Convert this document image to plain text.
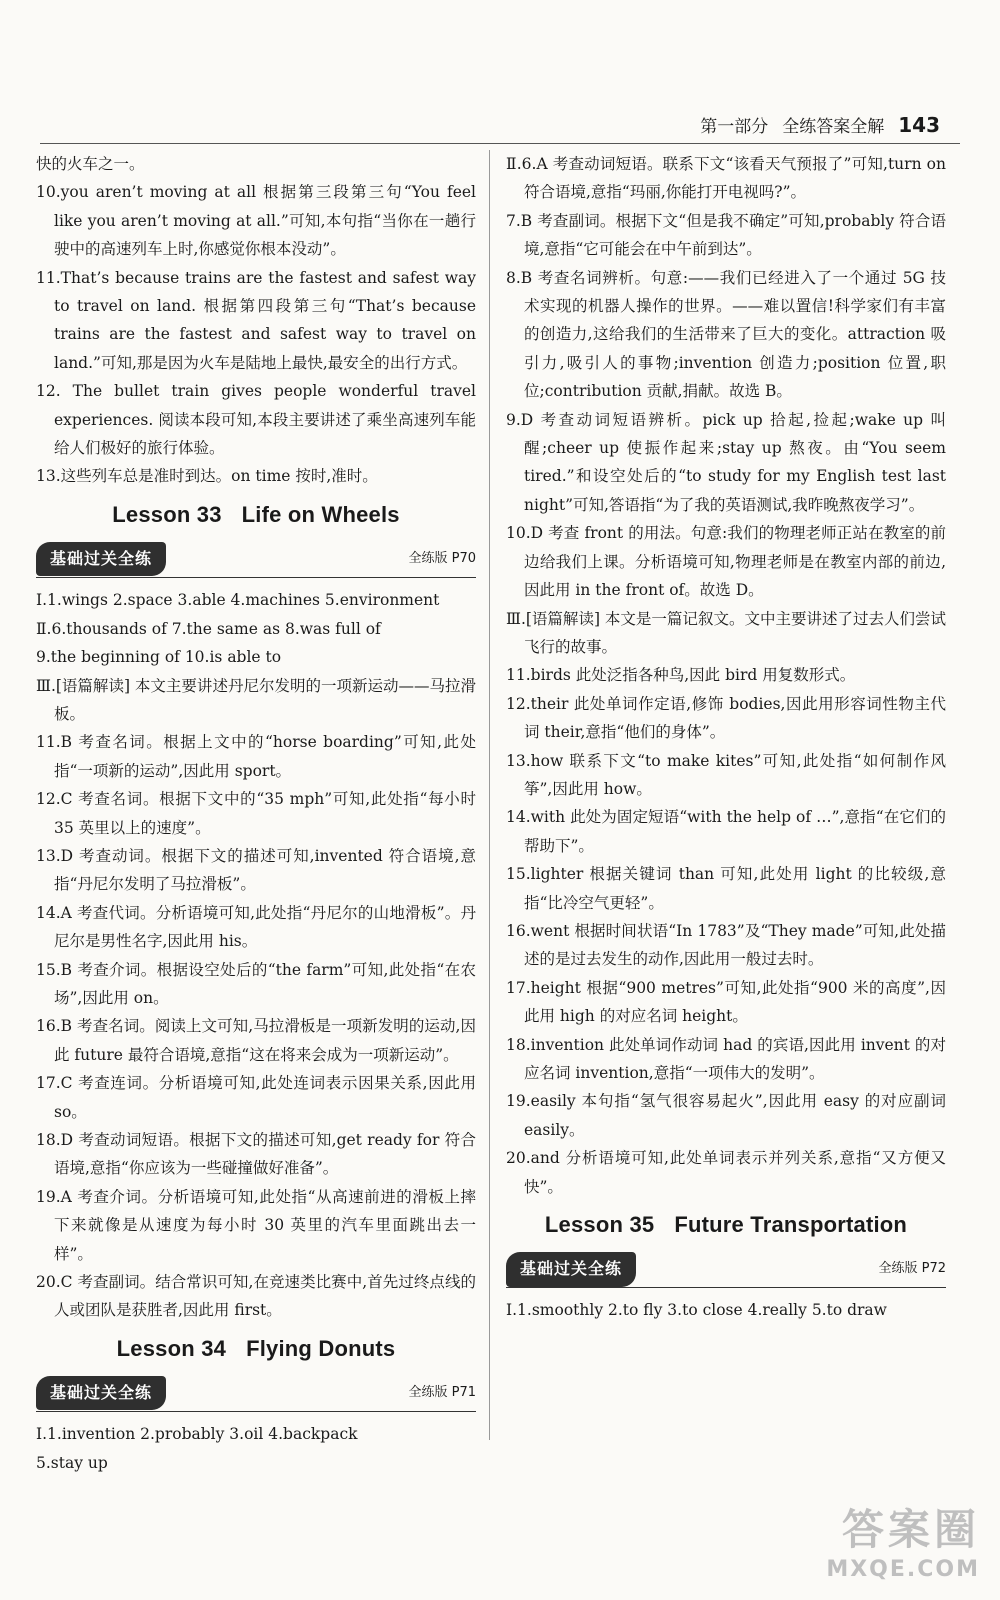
第一部分 全练答案全解 143

快的火车之一。

10.you aren’t moving at all 根据第三段第三句“You feel like you aren’t moving at all.”可知,本句指“当你在一趟行驶中的高速列车上时,你感觉你根本没动”。

11.That’s because trains are the fastest and safest way to travel on land. 根据第四段第三句“That’s because trains are the fastest and safest way to travel on land.”可知,那是因为火车是陆地上最快,最安全的出行方式。

12. The bullet train gives people wonderful travel experiences. 阅读本段可知,本段主要讲述了乘坐高速列车能给人们极好的旅行体验。

13.这些列车总是准时到达。on time 按时,准时。

Lesson 33 Life on Wheels
基础过关全练	全练版 P70

Ⅰ.1.wings 2.space 3.able 4.machines 5.environment

Ⅱ.6.thousands of 7.the same as 8.was full of

9.the beginning of 10.is able to

Ⅲ.[语篇解读] 本文主要讲述丹尼尔发明的一项新运动——马拉滑板。

11.B 考查名词。根据上文中的“horse boarding”可知,此处指“一项新的运动”,因此用 sport。

12.C 考查名词。根据下文中的“35 mph”可知,此处指“每小时 35 英里以上的速度”。

13.D 考查动词。根据下文的描述可知,invented 符合语境,意指“丹尼尔发明了马拉滑板”。

14.A 考查代词。分析语境可知,此处指“丹尼尔的山地滑板”。丹尼尔是男性名字,因此用 his。

15.B 考查介词。根据设空处后的“the farm”可知,此处指“在农场”,因此用 on。

16.B 考查名词。阅读上文可知,马拉滑板是一项新发明的运动,因此 future 最符合语境,意指“这在将来会成为一项新运动”。

17.C 考查连词。分析语境可知,此处连词表示因果关系,因此用 so。

18.D 考查动词短语。根据下文的描述可知,get ready for 符合语境,意指“你应该为一些碰撞做好准备”。

19.A 考查介词。分析语境可知,此处指“从高速前进的滑板上摔下来就像是从速度为每小时 30 英里的汽车里面跳出去一样”。

20.C 考查副词。结合常识可知,在竞速类比赛中,首先过终点线的人或团队是获胜者,因此用 first。

Lesson 34 Flying Donuts
基础过关全练	全练版 P71

Ⅰ.1.invention 2.probably 3.oil 4.backpack

5.stay up

Ⅱ.6.A 考查动词短语。联系下文“该看天气预报了”可知,turn on 符合语境,意指“玛丽,你能打开电视吗?”。

7.B 考查副词。根据下文“但是我不确定”可知,probably 符合语境,意指“它可能会在中午前到达”。

8.B 考查名词辨析。句意:——我们已经进入了一个通过 5G 技术实现的机器人操作的世界。——难以置信!科学家们有丰富的创造力,这给我们的生活带来了巨大的变化。attraction 吸引力,吸引人的事物;invention 创造力;position 位置,职位;contribution 贡献,捐献。故选 B。

9.D 考查动词短语辨析。pick up 拾起,捡起;wake up 叫醒;cheer up 使振作起来;stay up 熬夜。由“You seem tired.”和设空处后的“to study for my English test last night”可知,答语指“为了我的英语测试,我昨晚熬夜学习”。

10.D 考查 front 的用法。句意:我们的物理老师正站在教室的前边给我们上课。分析语境可知,物理老师是在教室内部的前边,因此用 in the front of。故选 D。

Ⅲ.[语篇解读] 本文是一篇记叙文。文中主要讲述了过去人们尝试飞行的故事。

11.birds 此处泛指各种鸟,因此 bird 用复数形式。

12.their 此处单词作定语,修饰 bodies,因此用形容词性物主代词 their,意指“他们的身体”。

13.how 联系下文“to make kites”可知,此处指“如何制作风筝”,因此用 how。

14.with 此处为固定短语“with the help of …”,意指“在它们的帮助下”。

15.lighter 根据关键词 than 可知,此处用 light 的比较级,意指“比冷空气更轻”。

16.went 根据时间状语“In 1783”及“They made”可知,此处描述的是过去发生的动作,因此用一般过去时。

17.height 根据“900 metres”可知,此处指“900 米的高度”,因此用 high 的对应名词 height。

18.invention 此处单词作动词 had 的宾语,因此用 invent 的对应名词 invention,意指“一项伟大的发明”。

19.easily 本句指“氢气很容易起火”,因此用 easy 的对应副词 easily。

20.and 分析语境可知,此处单词表示并列关系,意指“又方便又快”。

Lesson 35 Future Transportation
基础过关全练	全练版 P72

Ⅰ.1.smoothly 2.to fly 3.to close 4.really 5.to draw

答案圈
MXQE.COM
